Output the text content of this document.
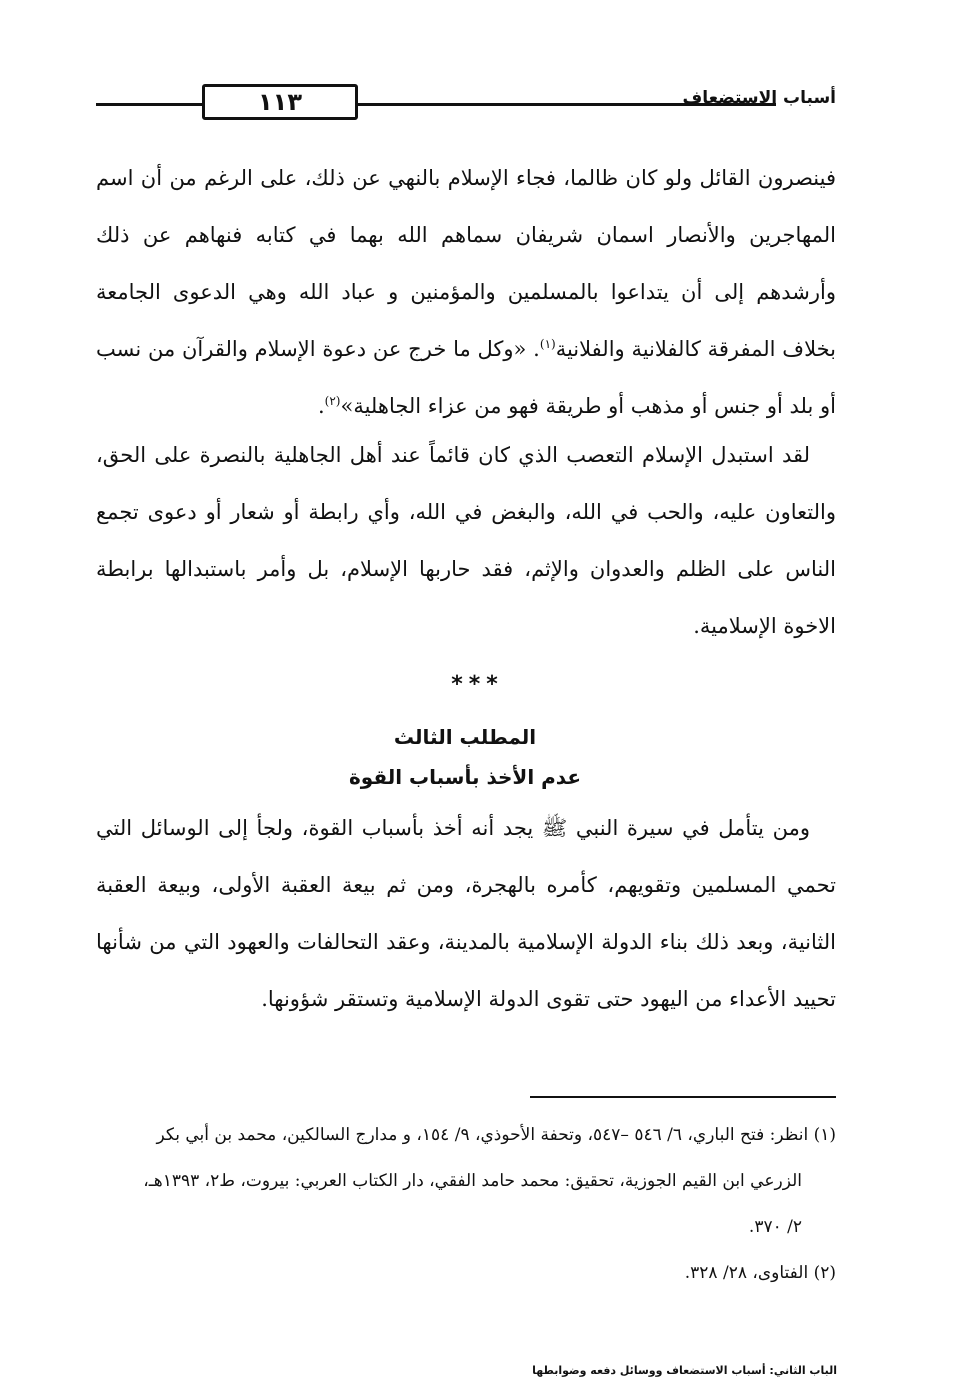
١١٣	أسباب الاستضعاف
فينصرون القائل ولو كان ظالما، فجاء الإسلام بالنهي عن ذلك، على الرغم من أن اسم المهاجرين والأنصار اسمان شريفان سماهم الله بهما في كتابه فنهاهم عن ذلك وأرشدهم إلى أن يتداعوا بالمسلمين والمؤمنين و عباد الله وهي الدعوى الجامعة بخلاف المفرقة كالفلانية والفلانية$^{(١)}$. «وكل ما خرج عن دعوة الإسلام والقرآن من نسب أو بلد أو جنس أو مذهب أو طريقة فهو من عزاء الجاهلية»$^{(٢)}$.
لقد استبدل الإسلام التعصب الذي كان قائماً عند أهل الجاهلية بالنصرة على الحق، والتعاون عليه، والحب في الله، والبغض في الله، وأي رابطة أو شعار أو دعوى تجمع الناس على الظلم والعدوان والإثم، فقد حاربها الإسلام، بل وأمر باستبدالها برابطة الاخوة الإسلامية.
***
المطلب الثالث
عدم الأخذ بأسباب القوة
ومن يتأمل في سيرة النبي ﷺ يجد أنه أخذ بأسباب القوة، ولجأ إلى الوسائل التي تحمي المسلمين وتقويهم، كأمره بالهجرة، ومن ثم بيعة العقبة الأولى، وبيعة العقبة الثانية، وبعد ذلك بناء الدولة الإسلامية بالمدينة، وعقد التحالفات والعهود التي من شأنها تحييد الأعداء من اليهود حتى تقوى الدولة الإسلامية وتستقر شؤونها.

(١) انظر: فتح الباري، ٦/ ٥٤٦ –٥٤٧، وتحفة الأحوذي، ٩/ ١٥٤، و مدارج السالكين، محمد بن أبي بكر
الزرعي ابن القيم الجوزية، تحقيق: محمد حامد الفقي، دار الكتاب العربي: بيروت، ط٢، ١٣٩٣هـ،
٢/ ٣٧٠.

(٢) الفتاوى، ٢٨/ ٣٢٨.

الباب الثاني: أسباب الاستضعاف ووسائل دفعه وضوابطها
